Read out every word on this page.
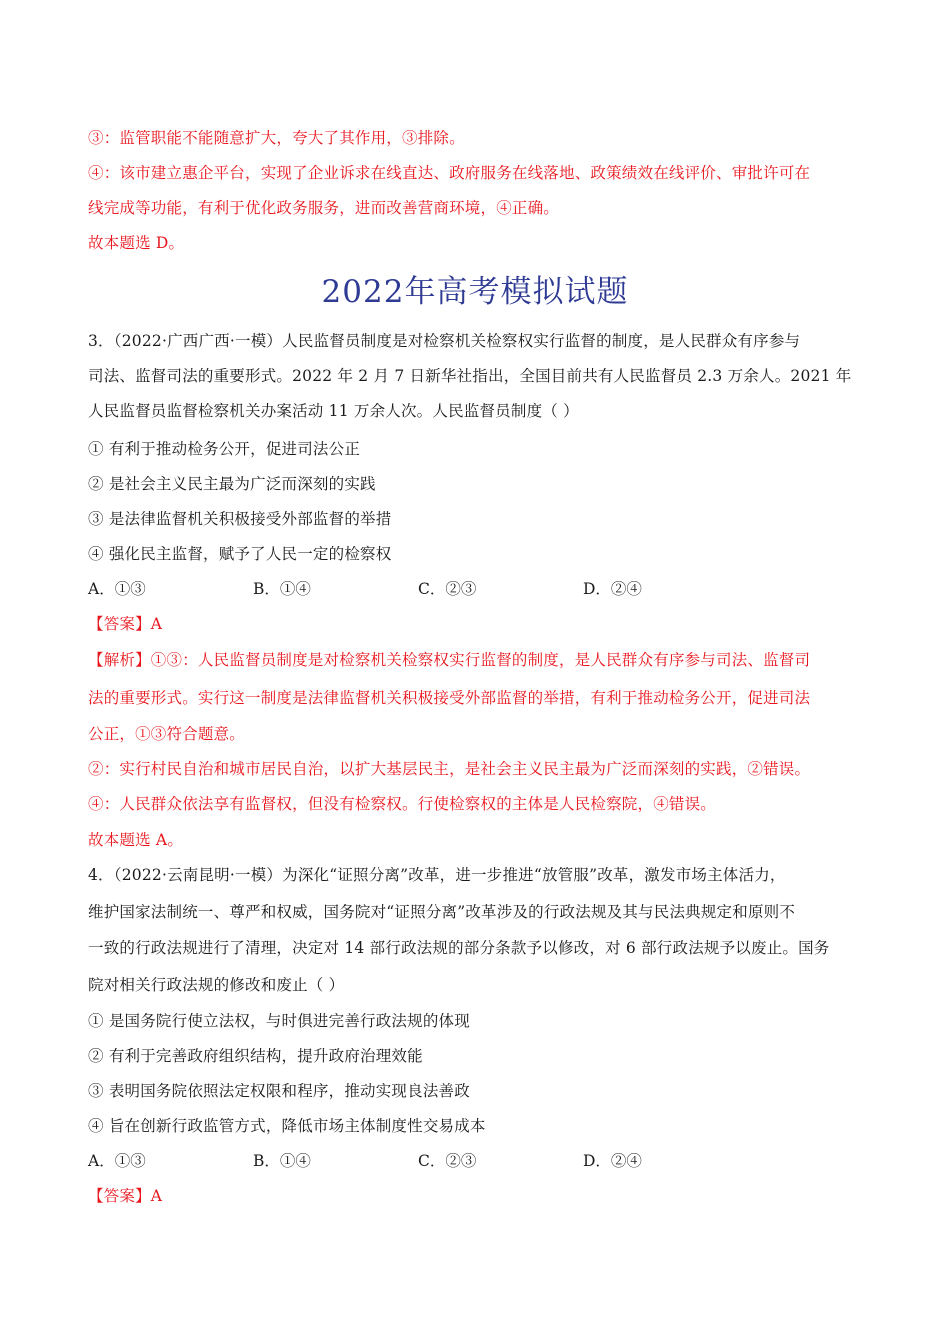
③：监管职能不能随意扩大，夸大了其作用，③排除。
④：该市建立惠企平台，实现了企业诉求在线直达、政府服务在线落地、政策绩效在线评价、审批许可在
线完成等功能，有利于优化政务服务，进而改善营商环境，④正确。
故本题选 D。
2022年高考模拟试题
3．（2022·广西广西·一模）人民监督员制度是对检察机关检察权实行监督的制度，是人民群众有序参与
司法、监督司法的重要形式。2022 年 2 月 7 日新华社指出，全国目前共有人民监督员 2.3 万余人。2021 年
人民监督员监督检察机关办案活动 11 万余人次。人民监督员制度（ ）
① 有利于推动检务公开，促进司法公正
② 是社会主义民主最为广泛而深刻的实践
③ 是法律监督机关积极接受外部监督的举措
④ 强化民主监督，赋予了人民一定的检察权
A．①③	B．①④	C．②③	D．②④
【答案】A
【解析】①③：人民监督员制度是对检察机关检察权实行监督的制度，是人民群众有序参与司法、监督司
法的重要形式。实行这一制度是法律监督机关积极接受外部监督的举措，有利于推动检务公开，促进司法
公正，①③符合题意。
②：实行村民自治和城市居民自治，以扩大基层民主，是社会主义民主最为广泛而深刻的实践，②错误。
④：人民群众依法享有监督权，但没有检察权。行使检察权的主体是人民检察院，④错误。
故本题选 A。
4．（2022·云南昆明·一模）为深化“证照分离”改革，进一步推进“放管服”改革，激发市场主体活力，
维护国家法制统一、尊严和权威，国务院对“证照分离”改革涉及的行政法规及其与民法典规定和原则不
一致的行政法规进行了清理，决定对 14 部行政法规的部分条款予以修改，对 6 部行政法规予以废止。国务
院对相关行政法规的修改和废止（ ）
① 是国务院行使立法权，与时俱进完善行政法规的体现
② 有利于完善政府组织结构，提升政府治理效能
③ 表明国务院依照法定权限和程序，推动实现良法善政
④ 旨在创新行政监管方式，降低市场主体制度性交易成本
A．①③	B．①④	C．②③	D．②④
【答案】A
